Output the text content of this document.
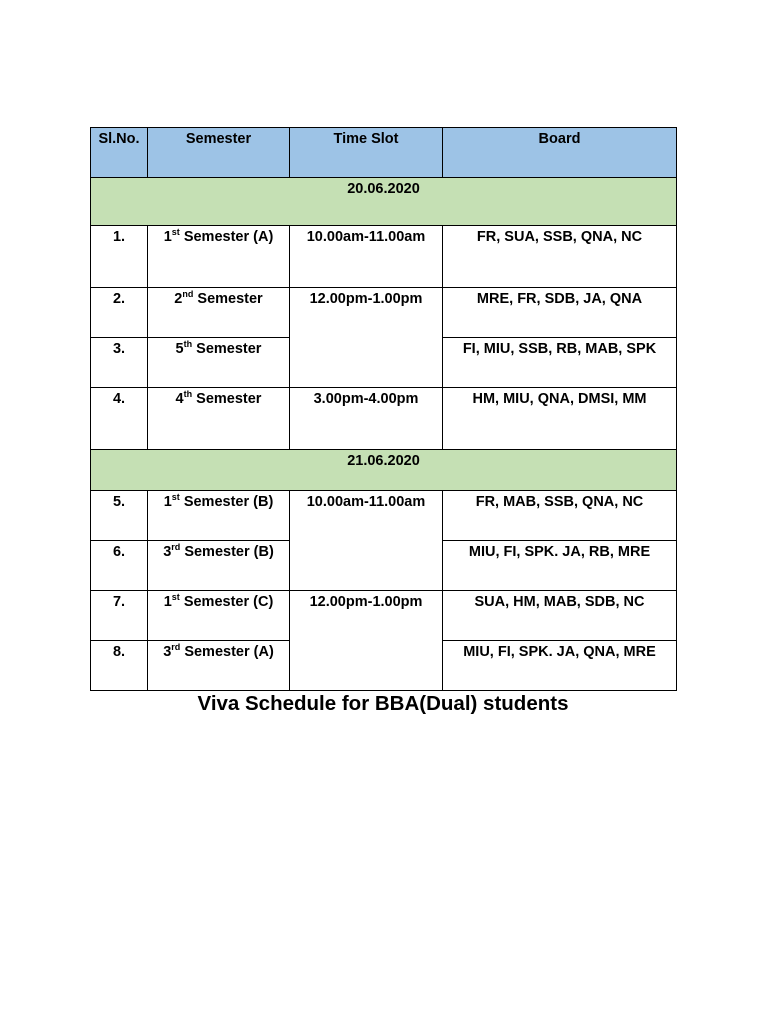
Sl.No.	Semester	Time Slot	Board
20.06.2020			
1.	1st Semester (A)	10.00am-11.00am	FR, SUA, SSB, QNA, NC
2.	2nd Semester	12.00pm-1.00pm	MRE, FR, SDB, JA, QNA
3.	5th Semester		FI, MIU, SSB, RB, MAB, SPK
4.	4th Semester	3.00pm-4.00pm	HM, MIU, QNA, DMSI, MM
21.06.2020			
5.	1st Semester (B)	10.00am-11.00am	FR, MAB, SSB, QNA, NC
6.	3rd Semester (B)		MIU, FI, SPK. JA, RB, MRE
7.	1st Semester (C)	12.00pm-1.00pm	SUA, HM, MAB, SDB, NC
8.	3rd Semester (A)		MIU, FI, SPK. JA, QNA, MRE
Viva Schedule for BBA(Dual) students
